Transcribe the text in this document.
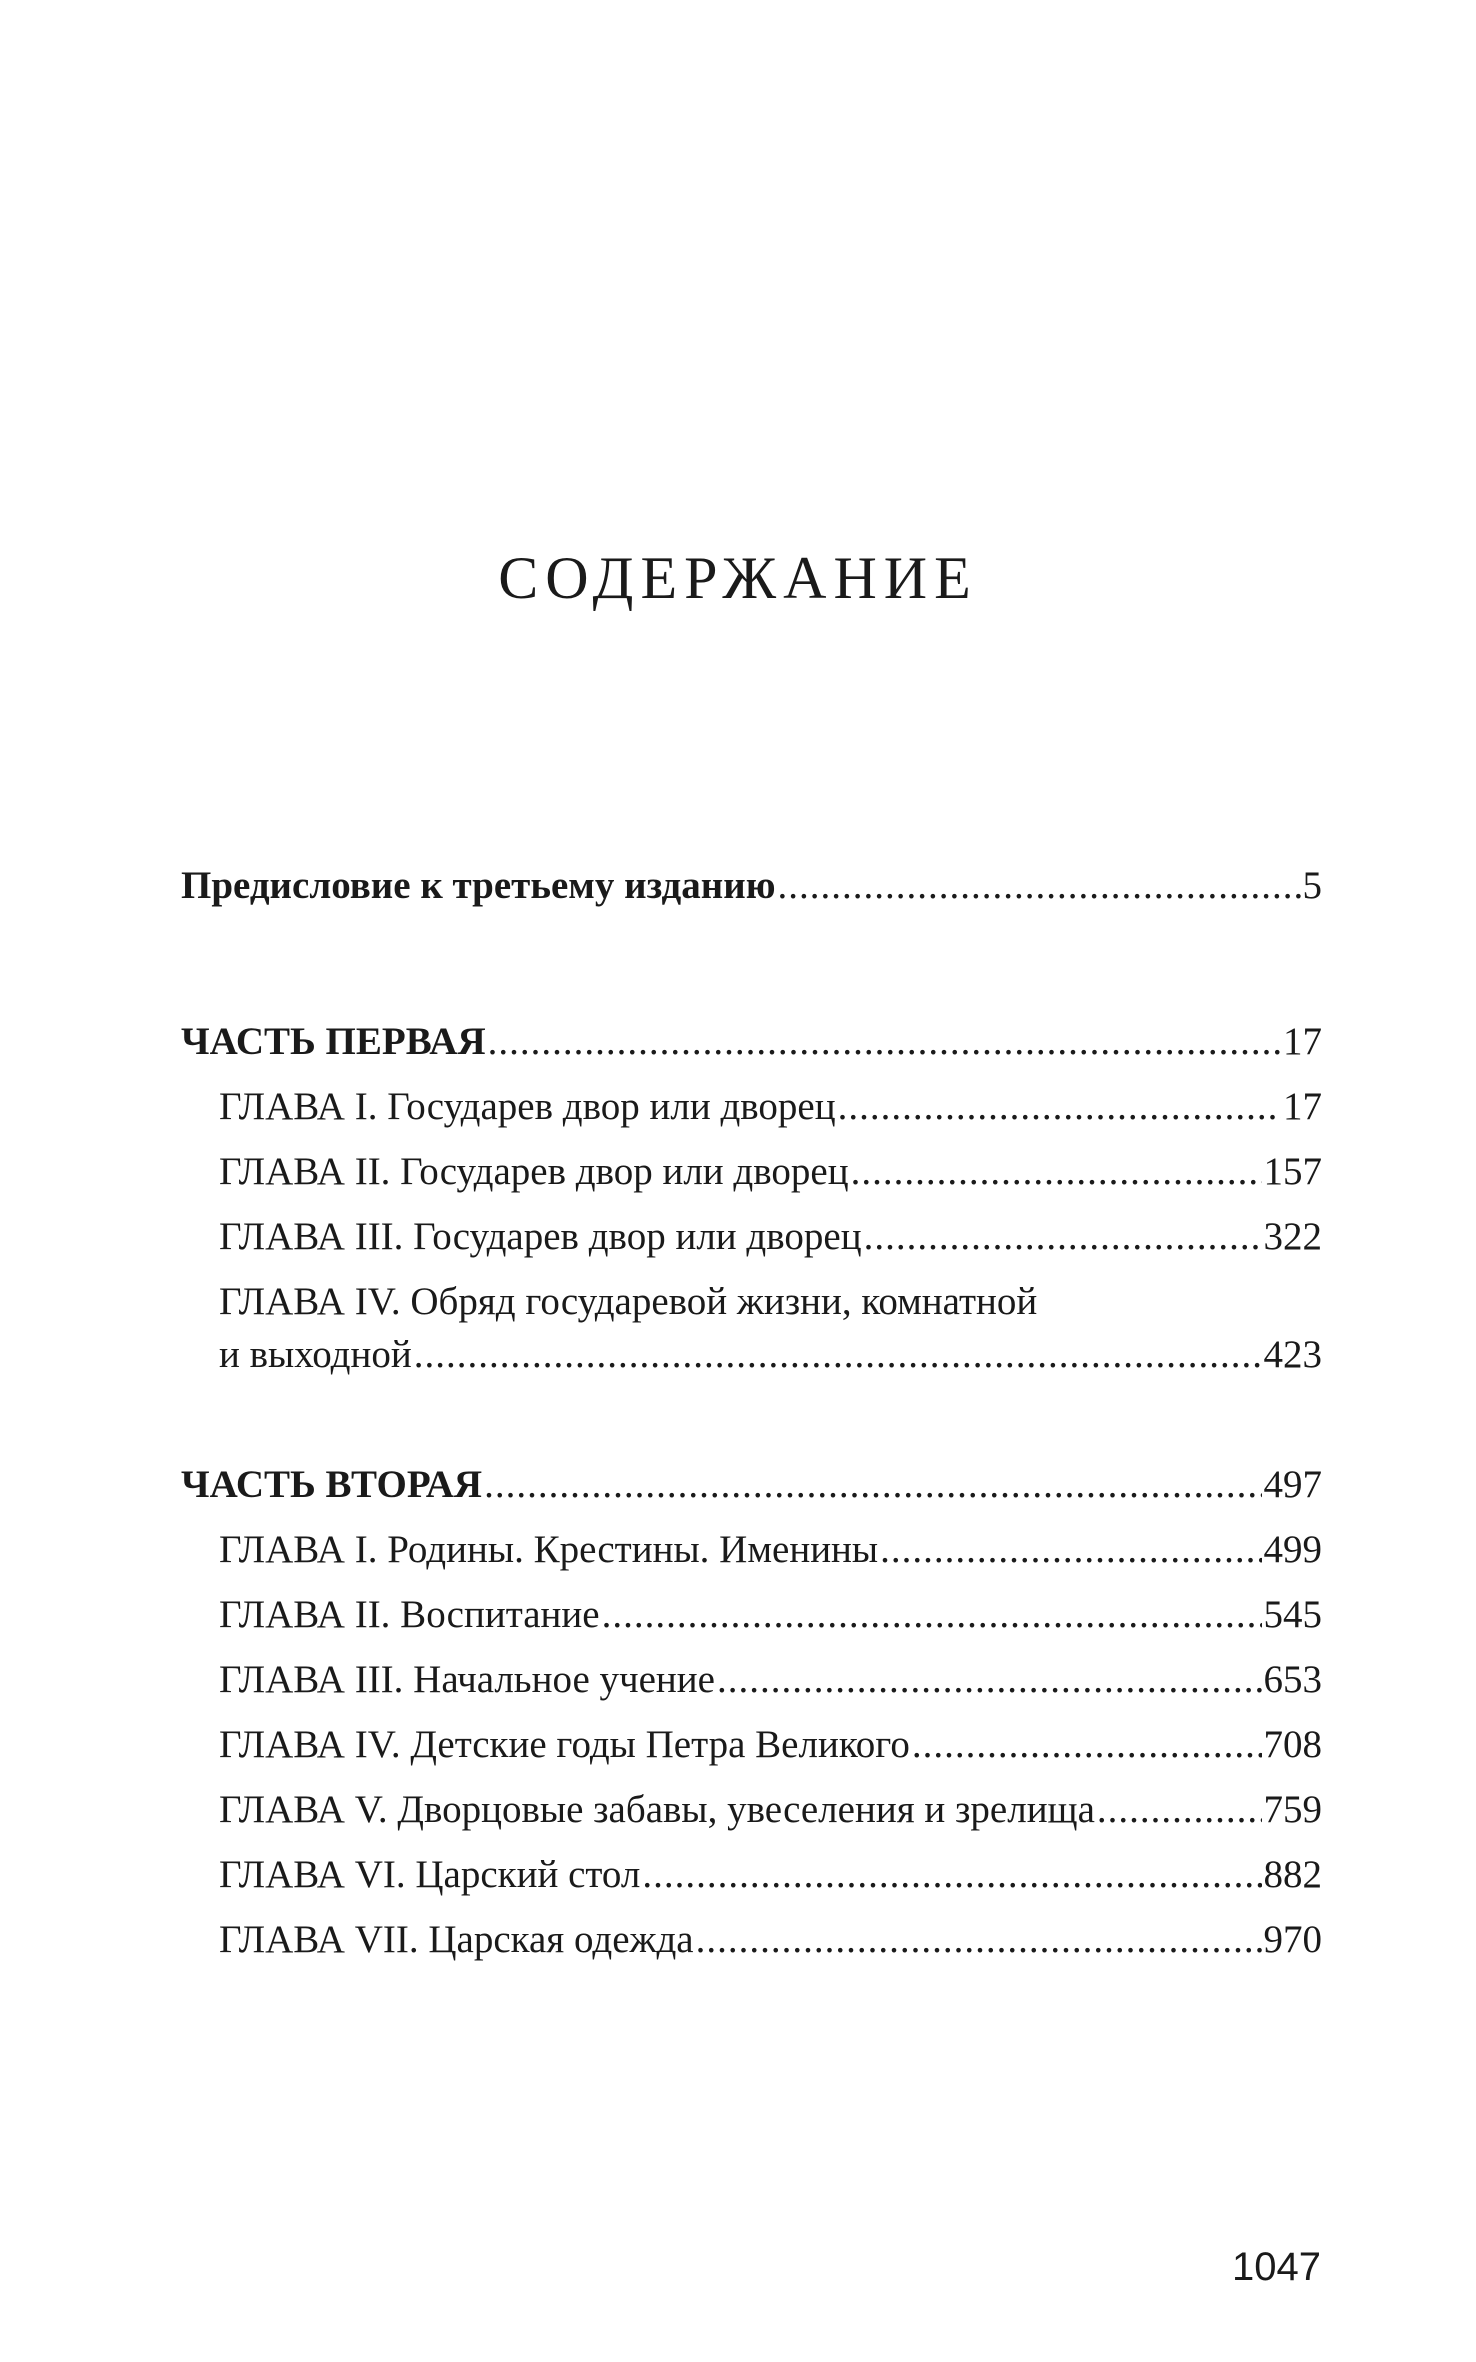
СОДЕРЖАНИЕ
Предисловие к третьему изданию .....	5
ЧАСТЬ ПЕРВАЯ .....	17
ГЛАВА I. Государев двор или дворец .....	17
ГЛАВА II. Государев двор или дворец .....	157
ГЛАВА III. Государев двор или дворец .....	322
ГЛАВА IV. Обряд государевой жизни, комнатной
и выходной .....	423
ЧАСТЬ ВТОРАЯ .....	497
ГЛАВА I. Родины. Крестины. Именины .....	499
ГЛАВА II. Воспитание .....	545
ГЛАВА III. Начальное учение .....	653
ГЛАВА IV. Детские годы Петра Великого .....	708
ГЛАВА V. Дворцовые забавы, увеселения и зрелища .....	759
ГЛАВА VI. Царский стол .....	882
ГЛАВА VII. Царская одежда .....	970
1047
